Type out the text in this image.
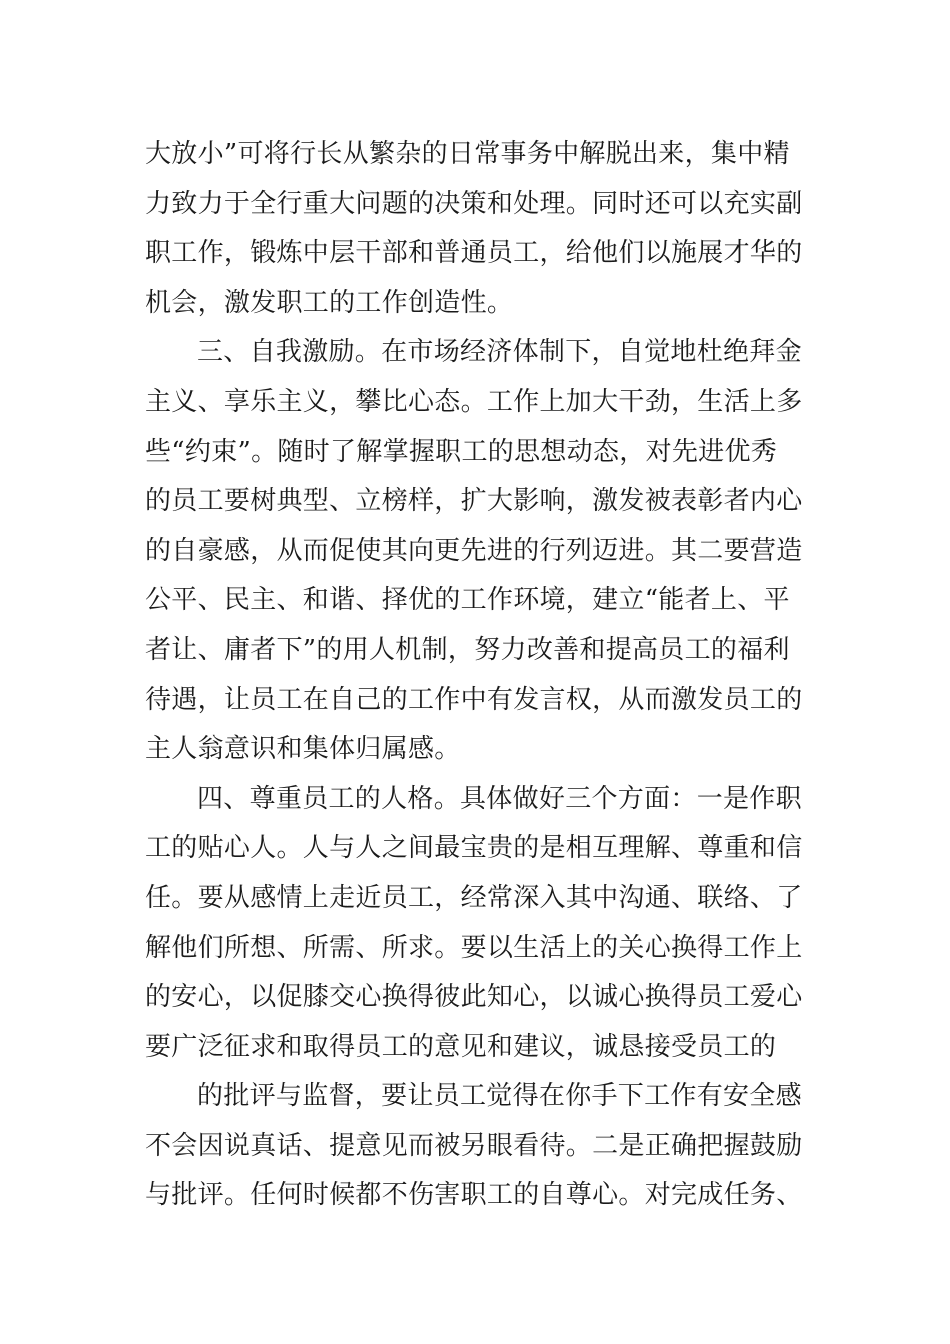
大放小”可将行长从繁杂的日常事务中解脱出来，集中精
力致力于全行重大问题的决策和处理。同时还可以充实副
职工作，锻炼中层干部和普通员工，给他们以施展才华的
机会，激发职工的工作创造性。
三、自我激励。在市场经济体制下，自觉地杜绝拜金
主义、享乐主义，攀比心态。工作上加大干劲，生活上多
些“约束”。随时了解掌握职工的思想动态，对先进优秀
的员工要树典型、立榜样，扩大影响，激发被表彰者内心
的自豪感，从而促使其向更先进的行列迈进。其二要营造
公平、民主、和谐、择优的工作环境，建立“能者上、平
者让、庸者下”的用人机制，努力改善和提高员工的福利
待遇，让员工在自己的工作中有发言权，从而激发员工的
主人翁意识和集体归属感。
四、尊重员工的人格。具体做好三个方面：一是作职
工的贴心人。人与人之间最宝贵的是相互理解、尊重和信
任。要从感情上走近员工，经常深入其中沟通、联络、了
解他们所想、所需、所求。要以生活上的关心换得工作上
的安心，以促膝交心换得彼此知心，以诚心换得员工爱心
要广泛征求和取得员工的意见和建议，诚恳接受员工的
的批评与监督，要让员工觉得在你手下工作有安全感
不会因说真话、提意见而被另眼看待。二是正确把握鼓励
与批评。任何时候都不伤害职工的自尊心。对完成任务、
